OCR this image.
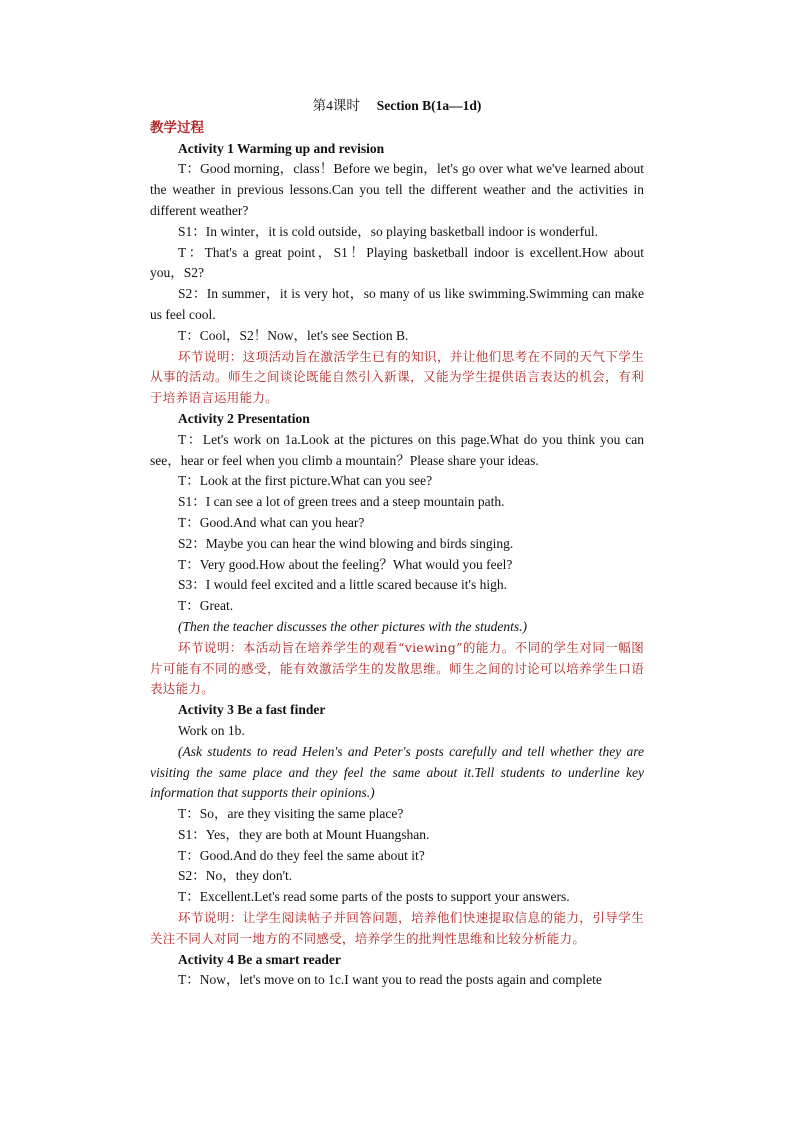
第4课时 Section B(1a—1d)
教学过程
Activity 1 Warming up and revision

T：Good morning，class！Before we begin，let's go over what we've learned about the weather in previous lessons.Can you tell the different weather and the activities in different weather?

S1：In winter，it is cold outside，so playing basketball indoor is wonderful.

T：That's a great point，S1！Playing basketball indoor is excellent.How about you，S2?

S2：In summer，it is very hot，so many of us like swimming.Swimming can make us feel cool.

T：Cool，S2！Now，let's see Section B.

环节说明：这项活动旨在激活学生已有的知识，并让他们思考在不同的天气下学生从事的活动。师生之间谈论既能自然引入新课，又能为学生提供语言表达的机会，有利于培养语言运用能力。

Activity 2 Presentation

T：Let's work on 1a.Look at the pictures on this page.What do you think you can see，hear or feel when you climb a mountain？Please share your ideas.

T：Look at the first picture.What can you see?

S1：I can see a lot of green trees and a steep mountain path.

T：Good.And what can you hear?

S2：Maybe you can hear the wind blowing and birds singing.

T：Very good.How about the feeling？What would you feel?

S3：I would feel excited and a little scared because it's high.

T：Great.

(Then the teacher discusses the other pictures with the students.)

环节说明：本活动旨在培养学生的观看“viewing”的能力。不同的学生对同一幅图片可能有不同的感受，能有效激活学生的发散思维。师生之间的讨论可以培养学生口语表达能力。

Activity 3 Be a fast finder

Work on 1b.

(Ask students to read Helen's and Peter's posts carefully and tell whether they are visiting the same place and they feel the same about it.Tell students to underline key information that supports their opinions.)

T：So，are they visiting the same place?

S1：Yes，they are both at Mount Huangshan.

T：Good.And do they feel the same about it?

S2：No，they don't.

T：Excellent.Let's read some parts of the posts to support your answers.

环节说明：让学生阅读帖子并回答问题，培养他们快速提取信息的能力，引导学生关注不同人对同一地方的不同感受，培养学生的批判性思维和比较分析能力。

Activity 4 Be a smart reader

T：Now，let's move on to 1c.I want you to read the posts again and complete
